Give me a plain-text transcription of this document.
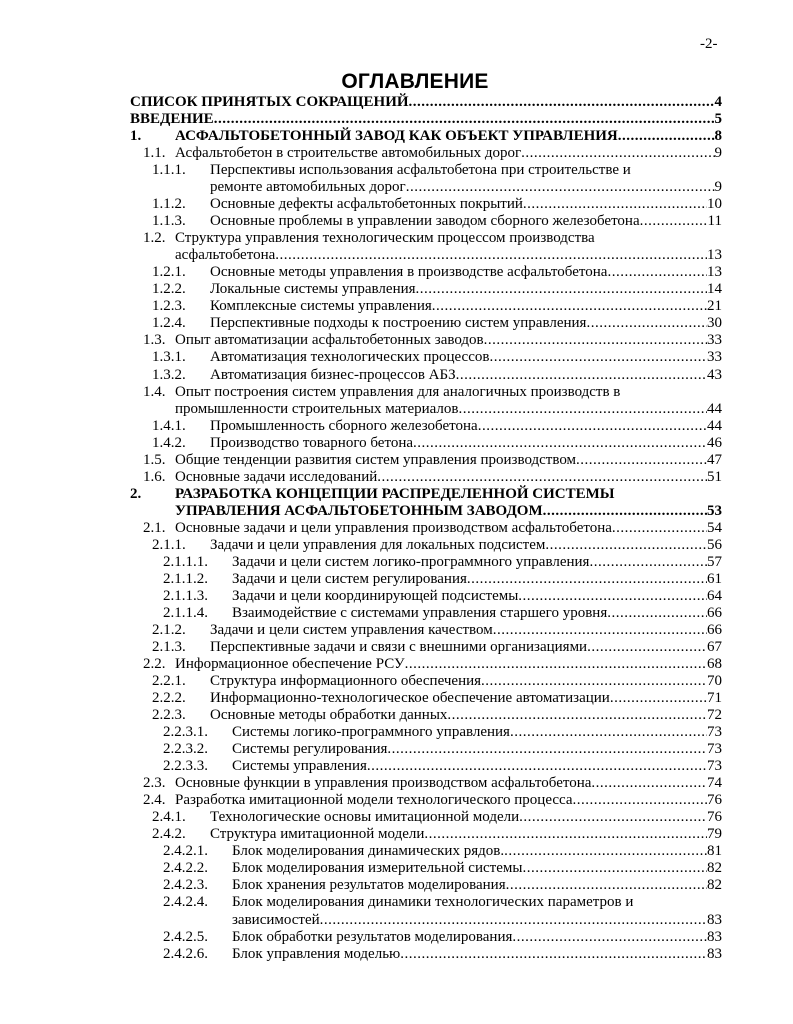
-2-
ОГЛАВЛЕНИЕ
СПИСОК ПРИНЯТЫХ СОКРАЩЕНИЙ .....	4
ВВЕДЕНИЕ .....	5
1. АСФАЛЬТОБЕТОННЫЙ ЗАВОД КАК ОБЪЕКТ УПРАВЛЕНИЯ .....	8
1.1. Асфальтобетон в строительстве автомобильных дорог .....	9
1.1.1. Перспективы использования асфальтобетона при строительстве и
ремонте автомобильных дорог .....	9
1.1.2. Основные дефекты асфальтобетонных покрытий .....	10
1.1.3. Основные проблемы в управлении заводом сборного железобетона .....	11
1.2. Структура управления технологическим процессом производства
асфальтобетона .....	13
1.2.1. Основные методы управления в производстве асфальтобетона .....	13
1.2.2. Локальные системы управления .....	14
1.2.3. Комплексные системы управления .....	21
1.2.4. Перспективные подходы к построению систем управления .....	30
1.3. Опыт автоматизации асфальтобетонных заводов .....	33
1.3.1. Автоматизация технологических процессов .....	33
1.3.2. Автоматизация бизнес-процессов АБЗ .....	43
1.4. Опыт построения систем управления для аналогичных производств в
промышленности строительных материалов .....	44
1.4.1. Промышленность сборного железобетона .....	44
1.4.2. Производство товарного бетона .....	46
1.5. Общие тенденции развития систем управления производством .....	47
1.6. Основные задачи исследований .....	51
2. РАЗРАБОТКА КОНЦЕПЦИИ РАСПРЕДЕЛЕННОЙ СИСТЕМЫ
УПРАВЛЕНИЯ АСФАЛЬТОБЕТОННЫМ ЗАВОДОМ .....	53
2.1. Основные задачи и цели управления производством асфальтобетона .....	54
2.1.1. Задачи и цели управления для локальных подсистем .....	56
2.1.1.1. Задачи и цели систем логико-программного управления .....	57
2.1.1.2. Задачи и цели систем регулирования .....	61
2.1.1.3. Задачи и цели координирующей подсистемы .....	64
2.1.1.4. Взаимодействие с системами управления старшего уровня .....	66
2.1.2. Задачи и цели систем управления качеством .....	66
2.1.3. Перспективные задачи и связи с внешними организациями .....	67
2.2. Информационное обеспечение РСУ .....	68
2.2.1. Структура информационного обеспечения .....	70
2.2.2. Информационно-технологическое обеспечение автоматизации .....	71
2.2.3. Основные методы обработки данных .....	72
2.2.3.1. Системы логико-программного управления .....	73
2.2.3.2. Системы регулирования .....	73
2.2.3.3. Системы управления .....	73
2.3. Основные функции в управления производством асфальтобетона .....	74
2.4. Разработка имитационной модели технологического процесса .....	76
2.4.1. Технологические основы имитационной модели .....	76
2.4.2. Структура имитационной модели .....	79
2.4.2.1. Блок моделирования динамических рядов. .....	81
2.4.2.2. Блок моделирования измерительной системы .....	82
2.4.2.3. Блок хранения результатов моделирования .....	82
2.4.2.4. Блок моделирования динамики технологических параметров и
зависимостей .....	83
2.4.2.5. Блок обработки результатов моделирования .....	83
2.4.2.6. Блок управления моделью .....	83
